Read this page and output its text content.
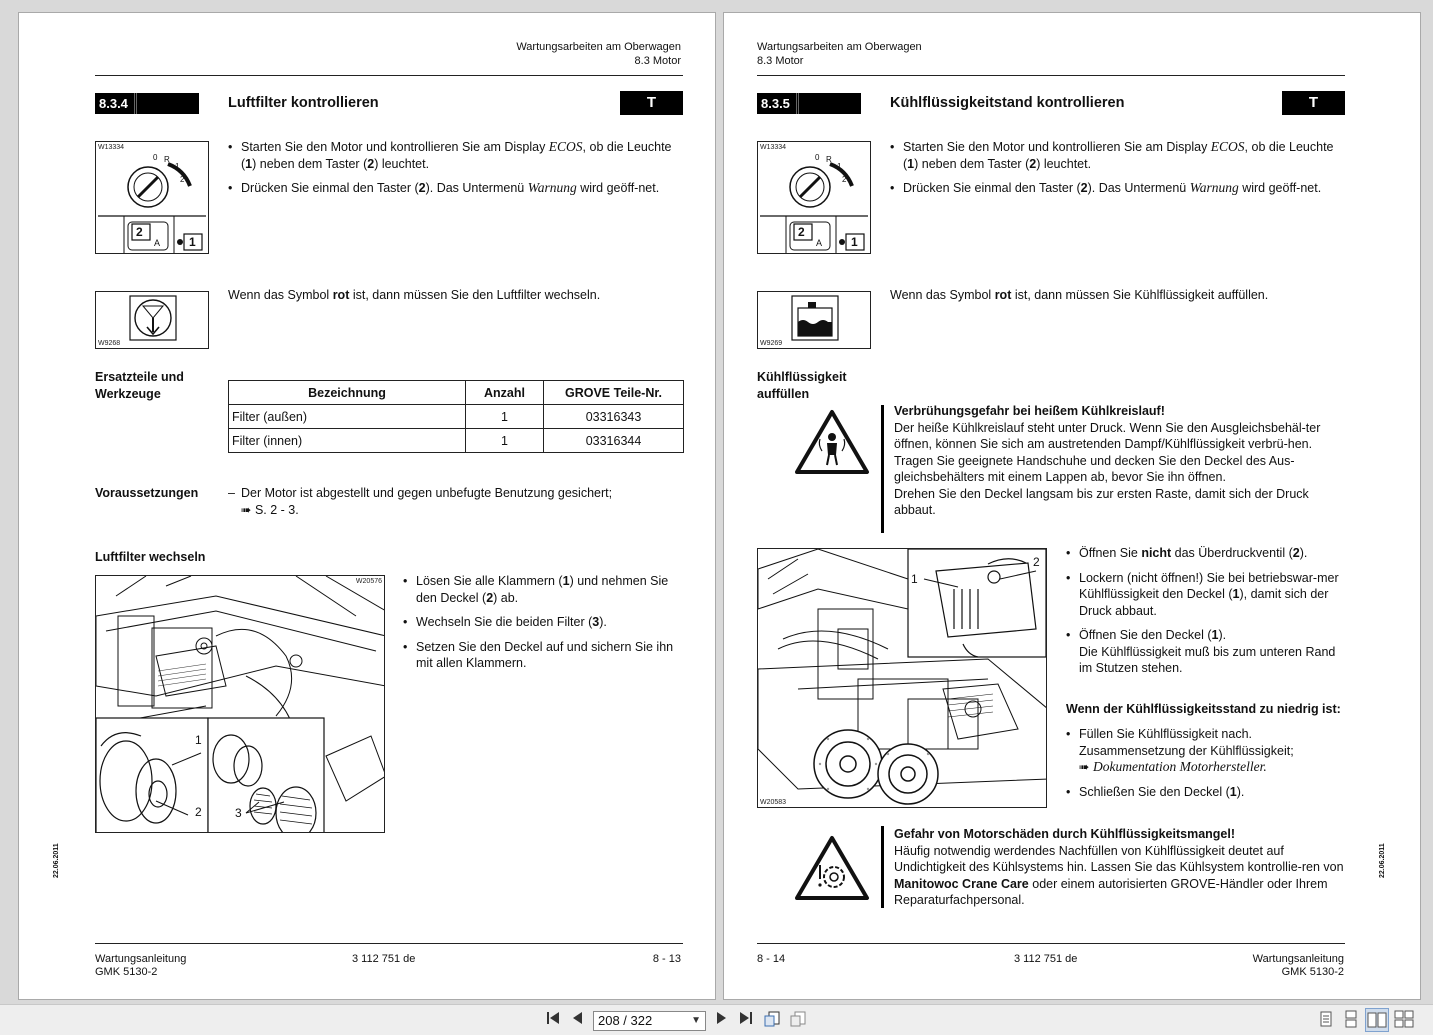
Wartungsarbeiten am Oberwagen
8.3 Motor
8.3.4	Luftfilter kontrollieren	T
W13334
0 R
1
2
2
A 1
• Starten Sie den Motor und kontrollieren Sie am Display ECOS, ob die Leuchte (1) neben dem Taster (2) leuchtet.
• Drücken Sie einmal den Taster (2). Das Untermenü Warnung wird geöff-net.
W9268
Wenn das Symbol rot ist, dann müssen Sie den Luftfilter wechseln.
Ersatzteile und Werkzeuge	Bezeichnung	Anzahl	GROVE Teile-Nr.
Filter (außen)	1	03316343
Filter (innen)	1	03316344
Voraussetzungen – Der Motor ist abgestellt und gegen unbefugte Benutzung gesichert;
➠ S. 2 - 3.
Luftfilter wechseln
W20576
1
2	3
• Lösen Sie alle Klammern (1) und nehmen Sie den Deckel (2) ab.
• Wechseln Sie die beiden Filter (3).
• Setzen Sie den Deckel auf und sichern Sie ihn mit allen Klammern.
22.06.2011
Wartungsanleitung
GMK 5130-2
3 112 751 de	8 - 13
Wartungsarbeiten am Oberwagen
8.3 Motor
8.3.5	Kühlflüssigkeitstand kontrollieren	T
W13334
0 R
1
2
2
A 1
• Starten Sie den Motor und kontrollieren Sie am Display ECOS, ob die Leuchte (1) neben dem Taster (2) leuchtet.
• Drücken Sie einmal den Taster (2). Das Untermenü Warnung wird geöff-net.
W9269
Wenn das Symbol rot ist, dann müssen Sie Kühlflüssigkeit auffüllen.
Kühlflüssigkeit auffüllen
Verbrühungsgefahr bei heißem Kühlkreislauf!
Der heiße Kühlkreislauf steht unter Druck. Wenn Sie den Ausgleichsbehäl-ter öffnen, können Sie sich am austretenden Dampf/Kühlflüssigkeit verbrü-hen.
Tragen Sie geeignete Handschuhe und decken Sie den Deckel des Aus-gleichsbehälters mit einem Lappen ab, bevor Sie ihn öffnen.
Drehen Sie den Deckel langsam bis zur ersten Raste, damit sich der Druck abbaut.
1
2
W20583
• Öffnen Sie nicht das Überdruckventil (2).
• Lockern (nicht öffnen!) Sie bei betriebswar-mer Kühlflüssigkeit den Deckel (1), damit sich der Druck abbaut.
• Öffnen Sie den Deckel (1).
Die Kühlflüssigkeit muß bis zum unteren Rand im Stutzen stehen.
Wenn der Kühlflüssigkeitsstand zu niedrig ist:
• Füllen Sie Kühlflüssigkeit nach.
Zusammensetzung der Kühlflüssigkeit;
➠ Dokumentation Motorhersteller.
• Schließen Sie den Deckel (1).
Gefahr von Motorschäden durch Kühlflüssigkeitsmangel!
Häufig notwendig werdendes Nachfüllen von Kühlflüssigkeit deutet auf Undichtigkeit des Kühlsystems hin. Lassen Sie das Kühlsystem kontrollie-ren von Manitowoc Crane Care oder einem autorisierten GROVE-Händler oder Ihrem Reparaturfachpersonal.
22.06.2011
8 - 14	3 112 751 de	Wartungsanleitung
GMK 5130-2
208 / 322	▼
